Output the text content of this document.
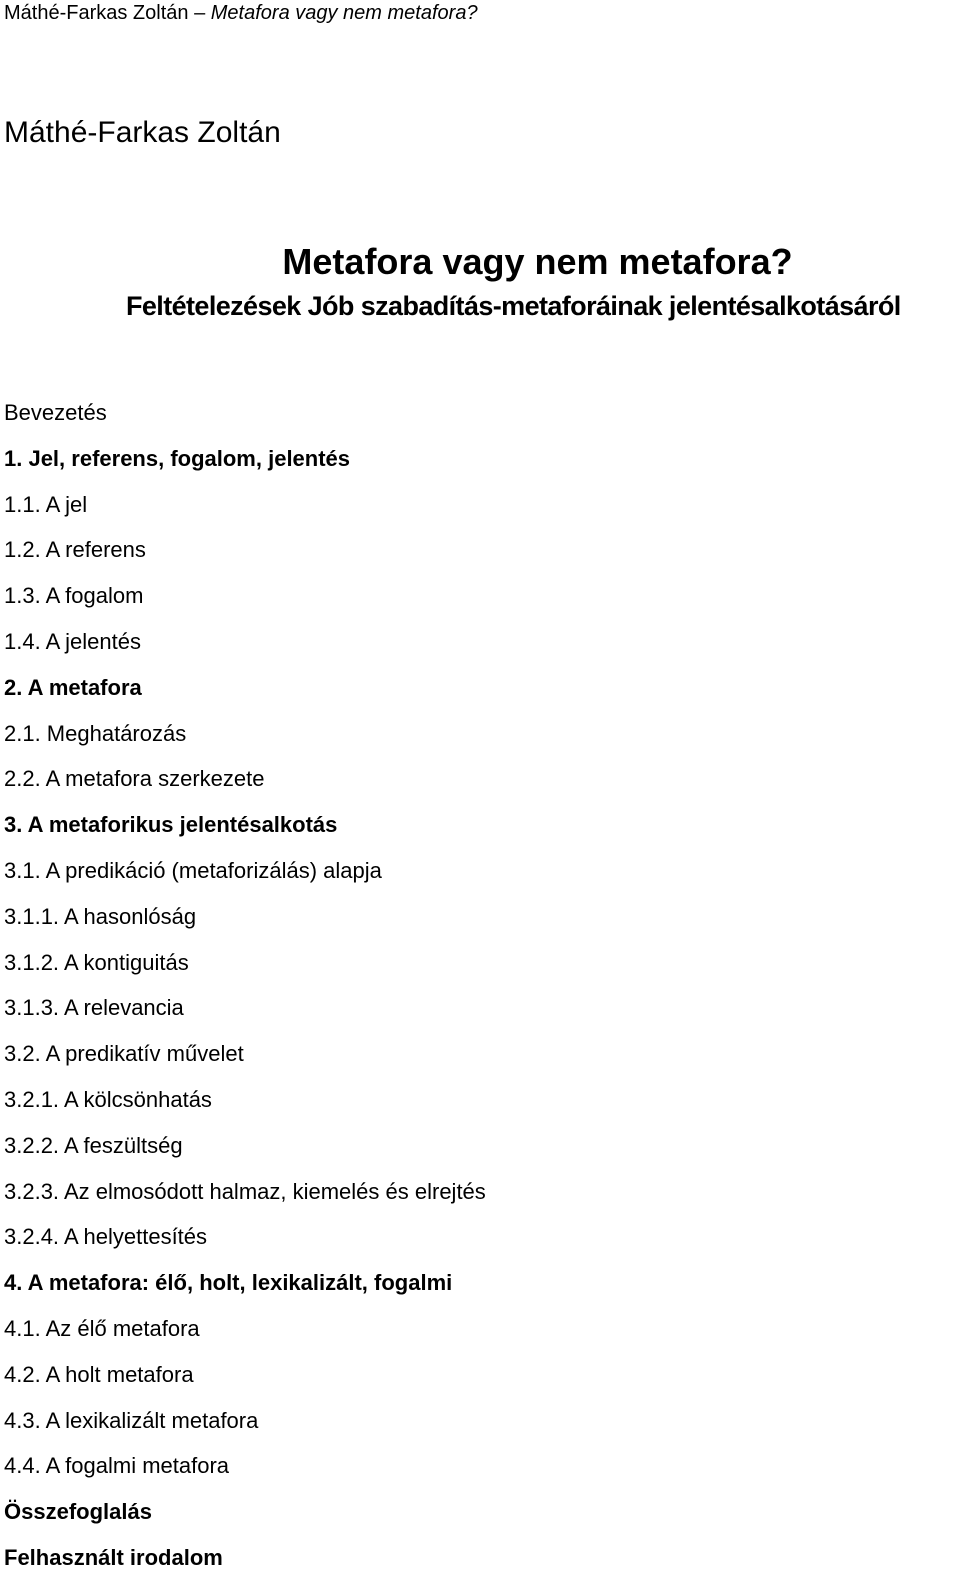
Máthé-Farkas Zoltán – Metafora vagy nem metafora?
Máthé-Farkas Zoltán
Metafora vagy nem metafora?
Feltételezések Jób szabadítás-metaforáinak jelentésalkotásáról
Bevezetés
1. Jel, referens, fogalom, jelentés
1.1. A jel
1.2. A referens
1.3. A fogalom
1.4. A jelentés
2. A metafora
2.1. Meghatározás
2.2. A metafora szerkezete
3. A metaforikus jelentésalkotás
3.1. A predikáció (metaforizálás) alapja
3.1.1. A hasonlóság
3.1.2. A kontiguitás
3.1.3. A relevancia
3.2. A predikatív művelet
3.2.1. A kölcsönhatás
3.2.2. A feszültség
3.2.3. Az elmosódott halmaz, kiemelés és elrejtés
3.2.4. A helyettesítés
4. A metafora: élő, holt, lexikalizált, fogalmi
4.1. Az élő metafora
4.2. A holt metafora
4.3. A lexikalizált metafora
4.4. A fogalmi metafora
Összefoglalás
Felhasznált irodalom
